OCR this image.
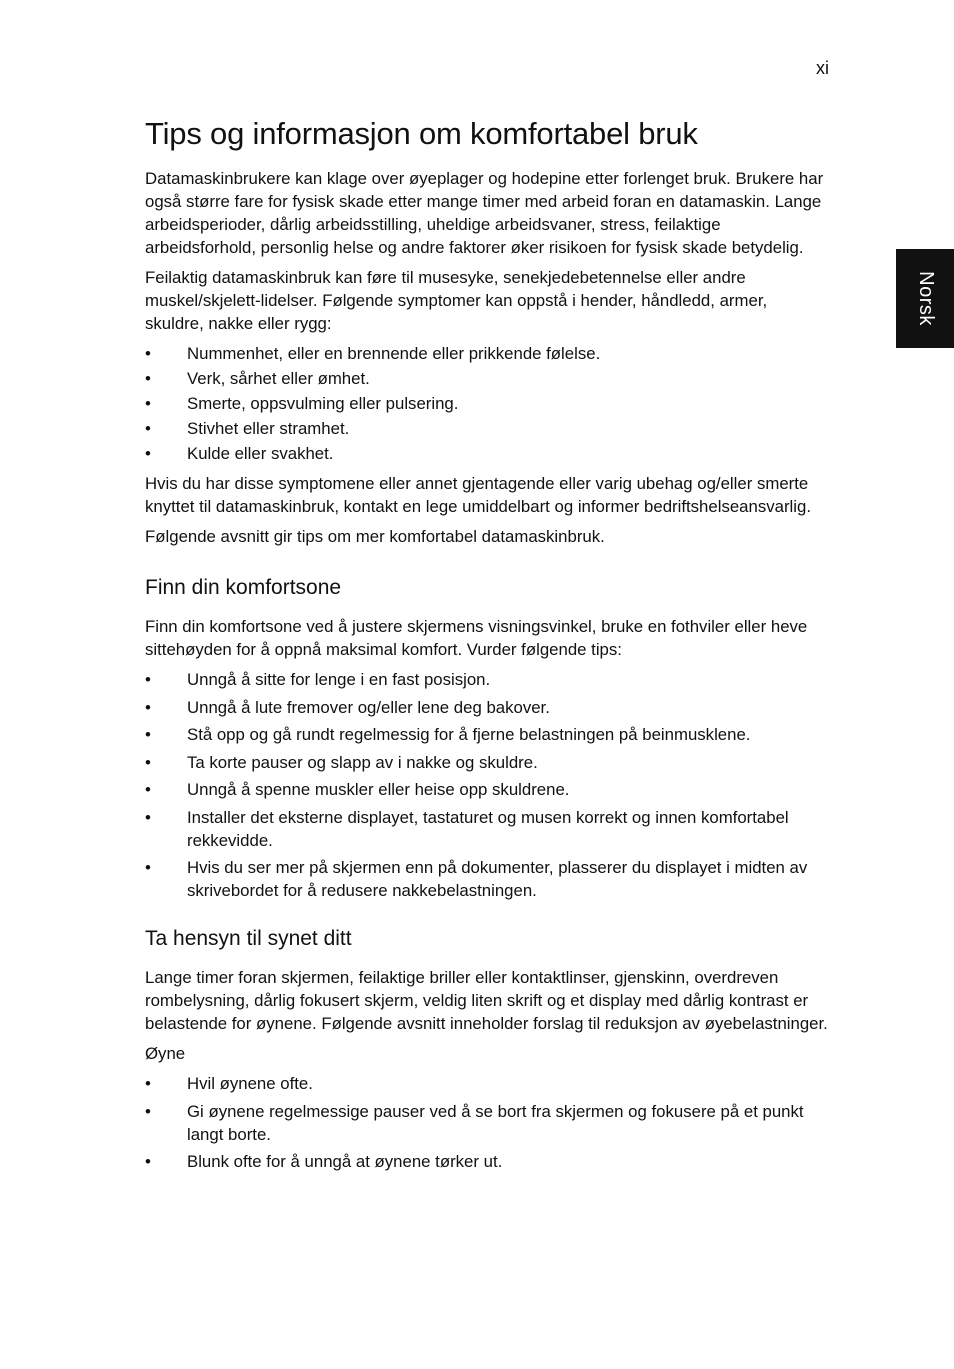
xi
Norsk
Tips og informasjon om komfortabel bruk

Datamaskinbrukere kan klage over øyeplager og hodepine etter forlenget bruk. Brukere har også større fare for fysisk skade etter mange timer med arbeid foran en datamaskin. Lange arbeidsperioder, dårlig arbeidsstilling, uheldige arbeidsvaner, stress, feilaktige arbeidsforhold, personlig helse og andre faktorer øker risikoen for fysisk skade betydelig.

Feilaktig datamaskinbruk kan føre til musesyke, senekjedebetennelse eller andre muskel/skjelett-lidelser. Følgende symptomer kan oppstå i hender, håndledd, armer, skuldre, nakke eller rygg:

• Nummenhet, eller en brennende eller prikkende følelse.
• Verk, sårhet eller ømhet.
• Smerte, oppsvulming eller pulsering.
• Stivhet eller stramhet.
• Kulde eller svakhet.

Hvis du har disse symptomene eller annet gjentagende eller varig ubehag og/eller smerte knyttet til datamaskinbruk, kontakt en lege umiddelbart og informer bedriftshelseansvarlig.

Følgende avsnitt gir tips om mer komfortabel datamaskinbruk.

Finn din komfortsone

Finn din komfortsone ved å justere skjermens visningsvinkel, bruke en fothviler eller heve sittehøyden for å oppnå maksimal komfort. Vurder følgende tips:

• Unngå å sitte for lenge i en fast posisjon.
• Unngå å lute fremover og/eller lene deg bakover.
• Stå opp og gå rundt regelmessig for å fjerne belastningen på beinmusklene.
• Ta korte pauser og slapp av i nakke og skuldre.
• Unngå å spenne muskler eller heise opp skuldrene.
• Installer det eksterne displayet, tastaturet og musen korrekt og innen komfortabel rekkevidde.
• Hvis du ser mer på skjermen enn på dokumenter, plasserer du displayet i midten av skrivebordet for å redusere nakkebelastningen.
Ta hensyn til synet ditt

Lange timer foran skjermen, feilaktige briller eller kontaktlinser, gjenskinn, overdreven rombelysning, dårlig fokusert skjerm, veldig liten skrift og et display med dårlig kontrast er belastende for øynene. Følgende avsnitt inneholder forslag til reduksjon av øyebelastninger.

Øyne

• Hvil øynene ofte.
• Gi øynene regelmessige pauser ved å se bort fra skjermen og fokusere på et punkt langt borte.
• Blunk ofte for å unngå at øynene tørker ut.
